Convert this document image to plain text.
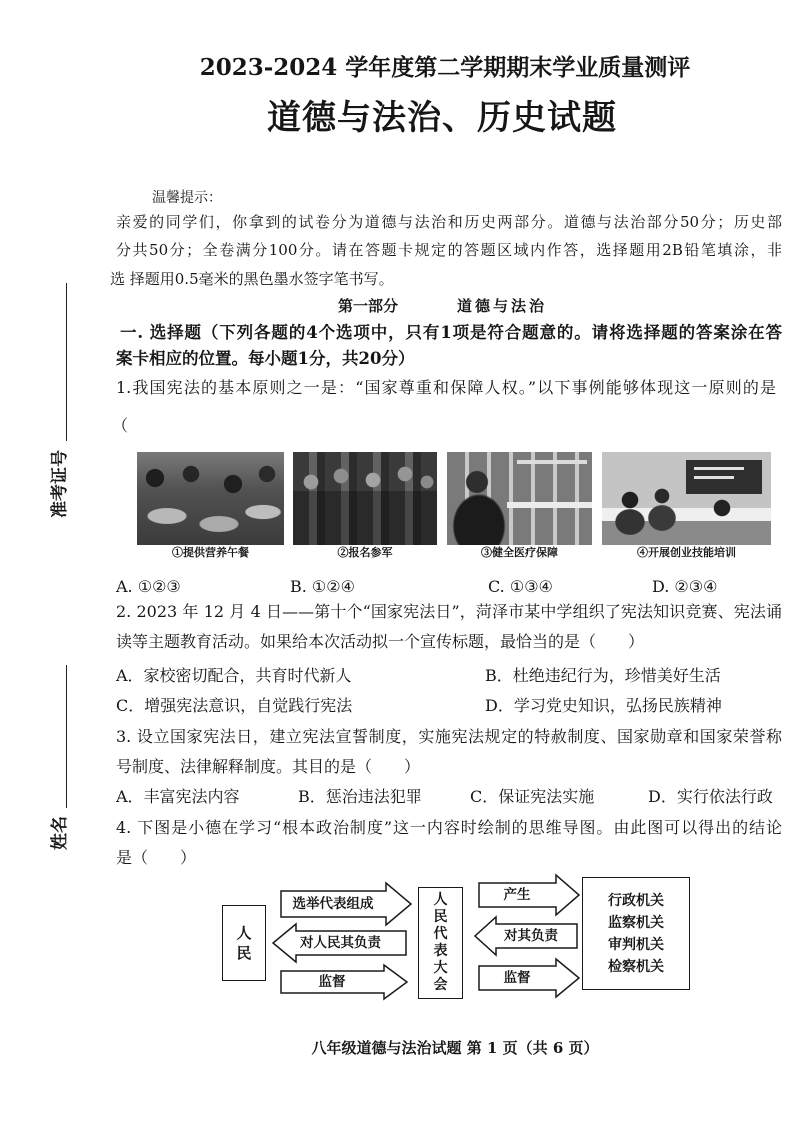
2023-2024 学年度第二学期期末学业质量测评
道德与法治、历史试题
准考证号
姓名
温馨提示：
亲爱的同学们，你拿到的试卷分为道德与法治和历史两部分。道德与法治部分50分；历史部
分共50分；全卷满分100分。请在答题卡规定的答题区域内作答，选择题用2B铅笔填涂，非
选 择题用0.5毫米的黑色墨水签字笔书写。
第一部分	道德与法治
一. 选择题（下列各题的4个选项中，只有1项是符合题意的。请将选择题的答案涂在答
案卡相应的位置。每小题1分，共20分）
1.我国宪法的基本原则之一是：“国家尊重和保障人权。”以下事例能够体现这一原则的是
（
①提供营养午餐	②报名参军	③健全医疗保障	④开展创业技能培训
A. ①②③	B. ①②④	C. ①③④	D. ②③④
2. 2023 年 12 月 4 日——第十个“国家宪法日”，菏泽市某中学组织了宪法知识竞赛、宪法诵
读等主题教育活动。如果给本次活动拟一个宣传标题，最恰当的是（　　）
A．家校密切配合，共育时代新人	B．杜绝违纪行为，珍惜美好生活
C．增强宪法意识，自觉践行宪法	D．学习党史知识，弘扬民族精神
3. 设立国家宪法日，建立宪法宣誓制度，实施宪法规定的特赦制度、国家勋章和国家荣誉称
号制度、法律解释制度。其目的是（　　）
A．丰富宪法内容	B．惩治违法犯罪	C．保证宪法实施	D．实行依法行政
4. 下图是小德在学习“根本政治制度”这一内容时绘制的思维导图。由此图可以得出的结论
是（　　）
人民
选举代表组成
对人民其负责
监督
人民代表大会
产生
对其负责
监督
行政机关
监察机关
审判机关
检察机关
八年级道德与法治试题 第 1 页（共 6 页）
